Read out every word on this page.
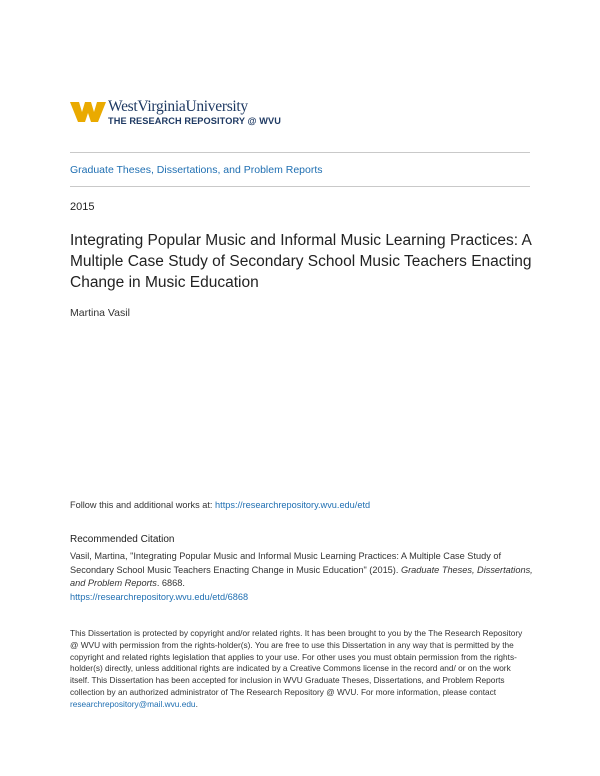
WestVirginiaUniversity
THE RESEARCH REPOSITORY @ WVU
Graduate Theses, Dissertations, and Problem Reports
2015
Integrating Popular Music and Informal Music Learning Practices: A Multiple Case Study of Secondary School Music Teachers Enacting Change in Music Education
Martina Vasil
Follow this and additional works at: https://researchrepository.wvu.edu/etd
Recommended Citation
Vasil, Martina, "Integrating Popular Music and Informal Music Learning Practices: A Multiple Case Study of Secondary School Music Teachers Enacting Change in Music Education" (2015). Graduate Theses, Dissertations, and Problem Reports. 6868.
https://researchrepository.wvu.edu/etd/6868
This Dissertation is protected by copyright and/or related rights. It has been brought to you by the The Research Repository @ WVU with permission from the rights-holder(s). You are free to use this Dissertation in any way that is permitted by the copyright and related rights legislation that applies to your use. For other uses you must obtain permission from the rights-holder(s) directly, unless additional rights are indicated by a Creative Commons license in the record and/ or on the work itself. This Dissertation has been accepted for inclusion in WVU Graduate Theses, Dissertations, and Problem Reports collection by an authorized administrator of The Research Repository @ WVU. For more information, please contact researchrepository@mail.wvu.edu.
